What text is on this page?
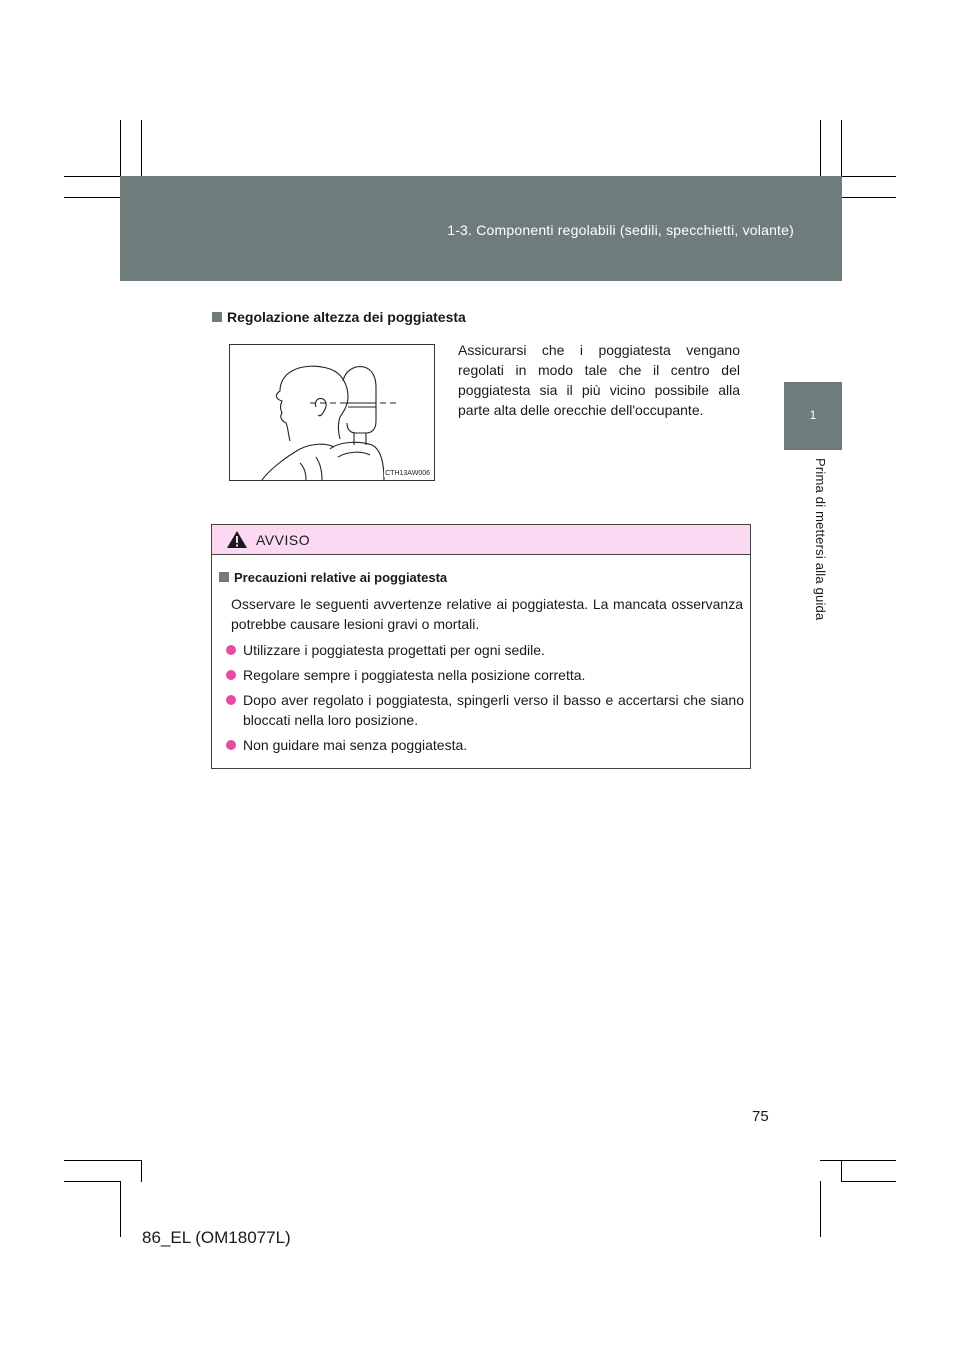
1-3. Componenti regolabili (sedili, specchietti, volante)
1
Prima di mettersi alla guida
Regolazione altezza dei poggiatesta
CTH13AW006
Assicurarsi che i poggiatesta vengano regolati in modo tale che il centro del poggiatesta sia il più vicino possibile alla parte alta delle orecchie dell'occupante.
AVVISO
Precauzioni relative ai poggiatesta
Osservare le seguenti avvertenze relative ai poggiatesta. La mancata osservanza potrebbe causare lesioni gravi o mortali.
Utilizzare i poggiatesta progettati per ogni sedile.
Regolare sempre i poggiatesta nella posizione corretta.
Dopo aver regolato i poggiatesta, spingerli verso il basso e accertarsi che siano bloccati nella loro posizione.
Non guidare mai senza poggiatesta.
75
86_EL (OM18077L)
